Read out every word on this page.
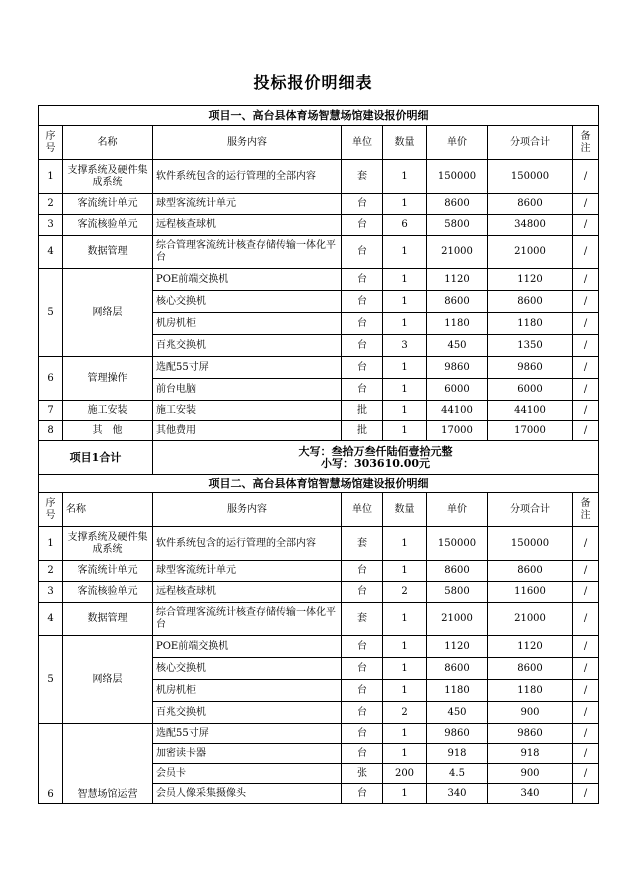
投标报价明细表
项目一、高台县体育场智慧场馆建设报价明细							
序号	名称	服务内容	单位	数量	单价	分项合计	备注
1	支撑系统及硬件集成系统	软件系统包含的运行管理的全部内容	套	1	150000	150000	/
2	客流统计单元	球型客流统计单元	台	1	8600	8600	/
3	客流核验单元	远程核查球机	台	6	5800	34800	/
4	数据管理	综合管理客流统计核查存储传输一体化平台	台	1	21000	21000	/
5	网络层	POE前端交换机	台	1	1120	1120	/
		核心交换机	台	1	8600	8600	/
		机房机柜	台	1	1180	1180	/
		百兆交换机	台	3	450	1350	/
6	管理操作	选配55寸屏	台	1	9860	9860	/
		前台电脑	台	1	6000	6000	/
7	施工安装	施工安装	批	1	44100	44100	/
8	其　他	其他费用	批	1	17000	17000	/
项目1合计		大写：叁拾万叁仟陆佰壹拾元整
小写：303610.00元					

项目二、高台县体育馆智慧场馆建设报价明细							
序号	名称	服务内容	单位	数量	单价	分项合计	备注
1	支撑系统及硬件集成系统	软件系统包含的运行管理的全部内容	套	1	150000	150000	/
2	客流统计单元	球型客流统计单元	台	1	8600	8600	/
3	客流核验单元	远程核查球机	台	2	5800	11600	/
4	数据管理	综合管理客流统计核查存储传输一体化平台	套	1	21000	21000	/
5	网络层	POE前端交换机	台	1	1120	1120	/
		核心交换机	台	1	8600	8600	/
		机房机柜	台	1	1180	1180	/
		百兆交换机	台	2	450	900	/
6	智慧场馆运营	选配55寸屏	台	1	9860	9860	/
		加密读卡器	台	1	918	918	/
		会员卡	张	200	4.5	900	/
		会员人像采集摄像头	台	1	340	340	/
